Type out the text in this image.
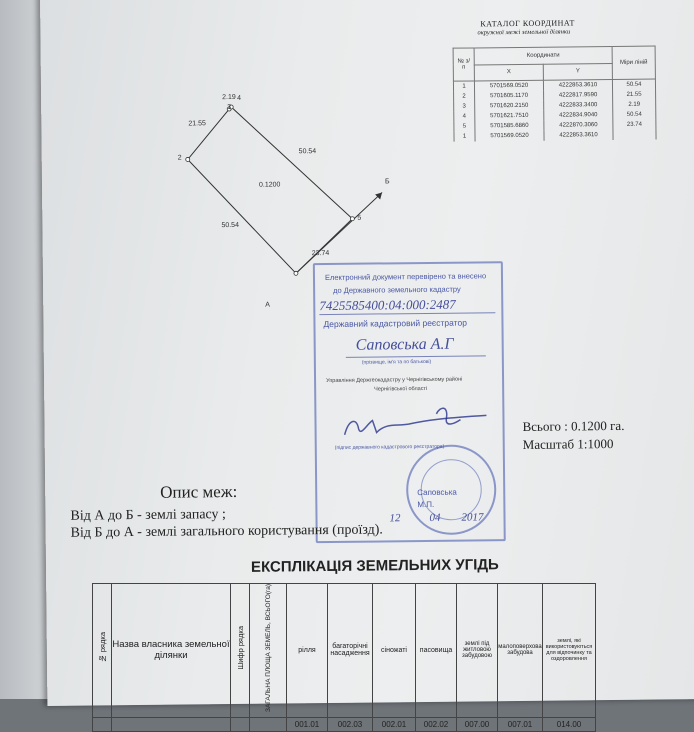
КАТАЛОГ КООРДИНАТ
окружної межі земельної ділянки
№ з/п	Координати		Міри ліній
	X	Y	
1	5701569.0520	4222853.3610	50.54
2	5701605.1170	4222817.9590	21.55
3	5701620.2150	4222833.3400	2.19
4	5701621.7510	4222834.9040	50.54
5	5701585.6860	4222870.3060	23.74
1	5701569.0520	4222853.3610	
2
3
4
5
2.19
21.55
50.54
0.1200
50.54
23.74
A
Б
Електронний документ перевірено та внесено
до Державного земельного кадастру
7425585400:04:000:2487
Державний кадастровий реєстратор
Саповська А.Г
(прізвище, ім'я та по батькові)
Управління Держгеокадастру у Чернігівському районі
Чернігівської області
(підпис державного кадастрового реєстратора)
Саповська
М.П.
12	04 2017
Всього : 0.1200 га.
Масштаб 1:1000
Опис меж:
Від А до Б - землі запасу ;
Від Б до А - землі загального користування (проїзд).
ЕКСПЛІКАЦІЯ ЗЕМЕЛЬНИХ УГІДЬ
№ рядка	Назва власника земельної ділянки	Шифр рядка	ЗАГАЛЬНА ПЛОЩА ЗЕМЕЛЬ, ВСЬОГО(га)	рілля	багаторічні насадження	сіножаті	пасовища	землі під житловою забудовою	малоповерхова забудова	землі, які використовуються для відпочинку та оздоровлення
				001.01	002.03	002.01	002.02	007.00	007.01	014.00
